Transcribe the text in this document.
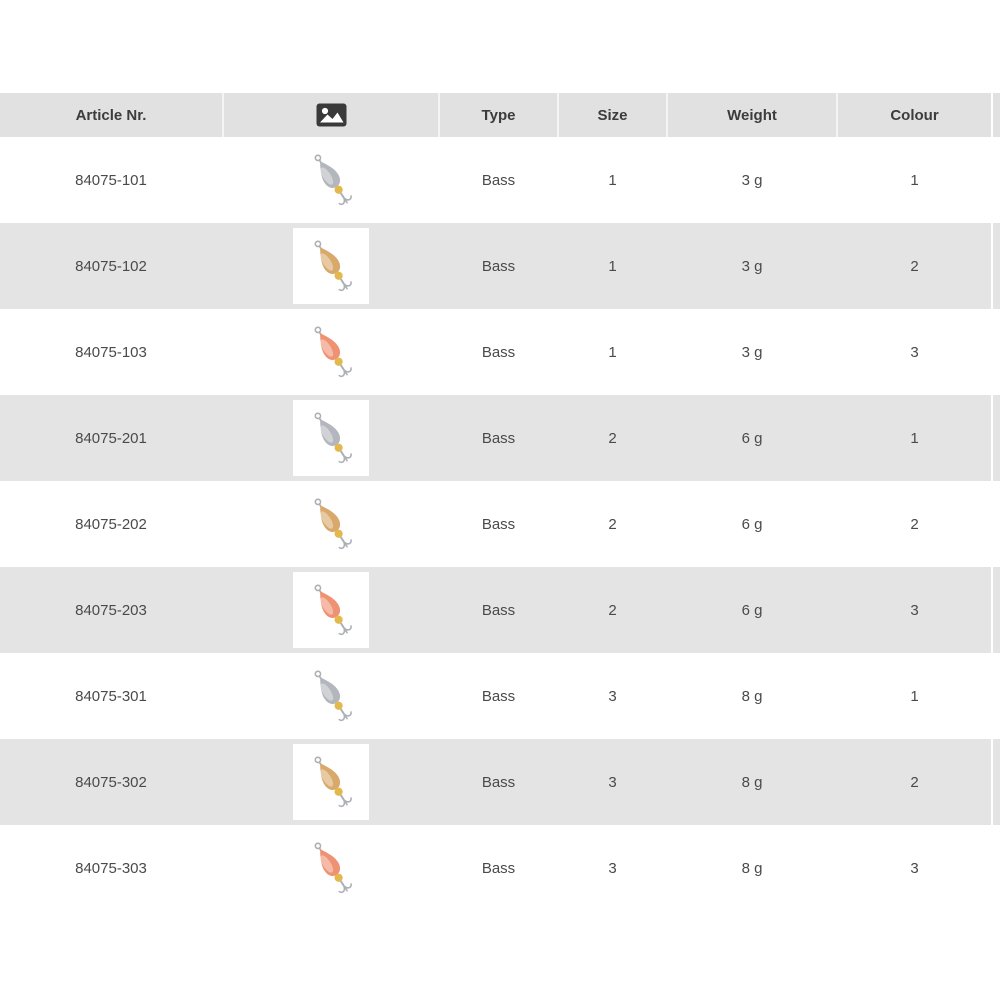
Article Nr.	Type	Size	Weight	Colour
84075-101	Bass	1	3 g	1
84075-102	Bass	1	3 g	2
84075-103	Bass	1	3 g	3
84075-201	Bass	2	6 g	1
84075-202	Bass	2	6 g	2
84075-203	Bass	2	6 g	3
84075-301	Bass	3	8 g	1
84075-302	Bass	3	8 g	2
84075-303	Bass	3	8 g	3
